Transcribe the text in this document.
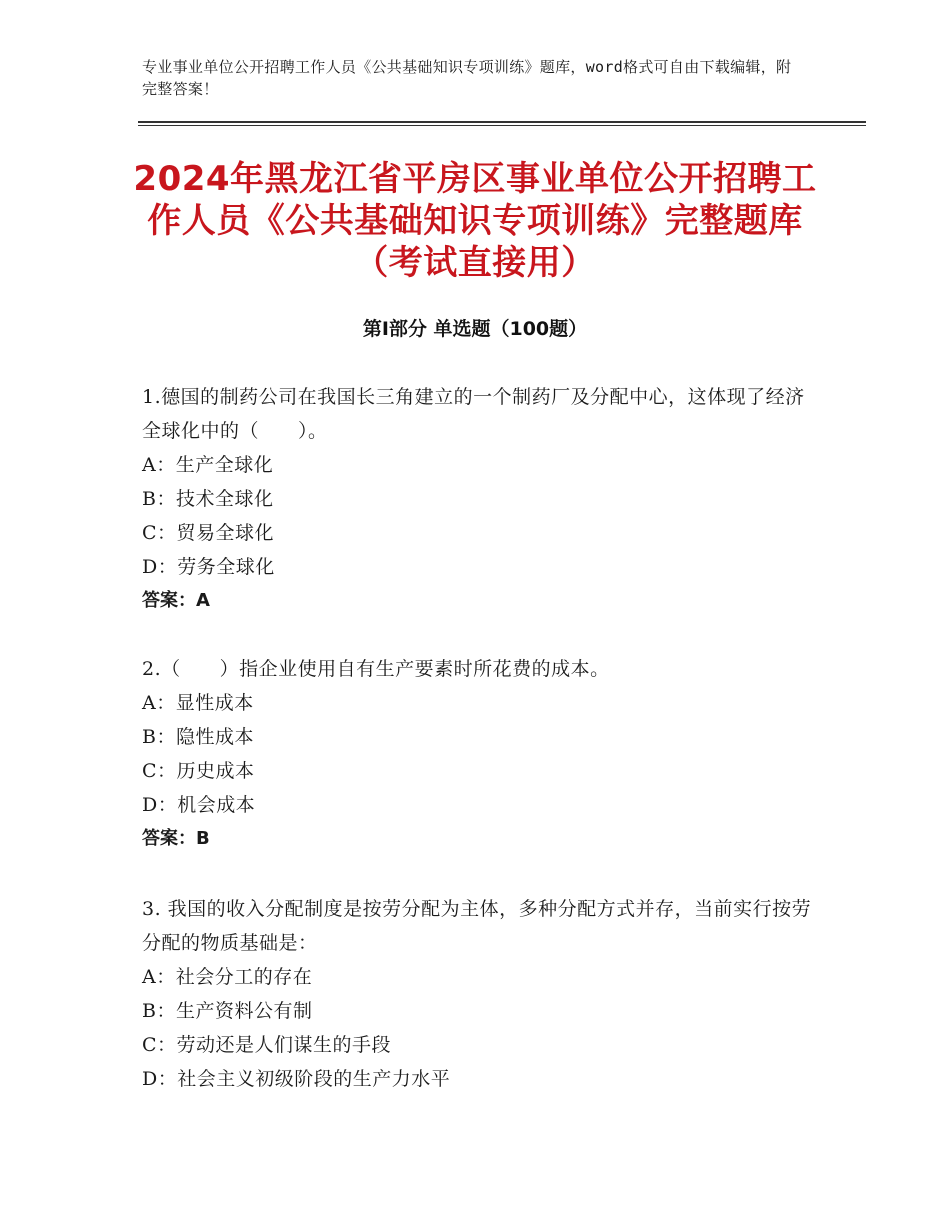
专业事业单位公开招聘工作人员《公共基础知识专项训练》题库，word格式可自由下载编辑，附完整答案！
2024年黑龙江省平房区事业单位公开招聘工作人员《公共基础知识专项训练》完整题库（考试直接用）
第Ⅰ部分 单选题（100题）
1.德国的制药公司在我国长三角建立的一个制药厂及分配中心，这体现了经济全球化中的（　　）。
A：生产全球化
B：技术全球化
C：贸易全球化
D：劳务全球化
答案：A
2.（　　）指企业使用自有生产要素时所花费的成本。
A：显性成本
B：隐性成本
C：历史成本
D：机会成本
答案：B
3. 我国的收入分配制度是按劳分配为主体，多种分配方式并存，当前实行按劳分配的物质基础是：
A：社会分工的存在
B：生产资料公有制
C：劳动还是人们谋生的手段
D：社会主义初级阶段的生产力水平
